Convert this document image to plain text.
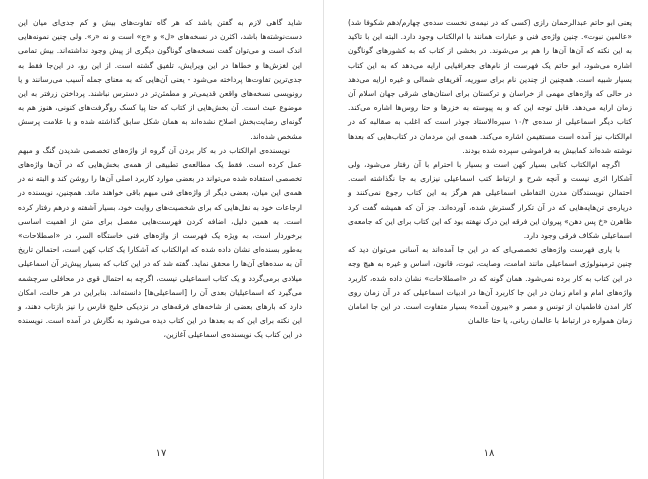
شاید گاهی لازم به گفتن باشد که هر گاه تفاوت‌های بیش و کم جدی‌ای میان این دست‌نوشته‌ها باشد، اکثرن در نسخه‌های «ل» و «ج» است و نه «ر». ولی چنین نمونه‌هایی اندک است و می‌توان گفت نسخه‌های گوناگون دیگری از پیش وجود نداشته‌اند. بیش تمامی این لغزش‌ها و خطاها در این ویرایش، تلفیق گشته است. از این رو، در این‌جا فقط به جدی‌ترین تفاوت‌ها پرداخته می‌شود - یعنی آن‌هایی که به معنای جمله آسیب می‌رسانند و یا رونویسی نسخه‌های واقعن قدیمی‌تر و مطمئن‌تر در دسترس نباشند. پرداختن زرفتر به این موضوع عبث است. آن بخش‌هایی از کتاب که حتا پیا کسک روگرفت‌های کنونی، هنوز هم به گونه‌ای رضایت‌بخش اصلاح نشده‌اند به همان شکل سابق گذاشته شده و با علامت پرسش مشخص شده‌اند.

نویسنده‌ی ام‌الکتاب در به کار بردن آن گروه از واژه‌های تخصصی شدیدن گنگ و مبهم عمل کرده است. فقط یک مطالعه‌ی تطبیقی از همه‌ی بخش‌هایی که در آن‌ها واژه‌های تخصصی استفاده شده می‌تواند در بعضی موارد کاربرد اصلی آن‌ها را روشن کند و البته نه در همه‌ی این میان، بعضی دیگر از واژه‌های فنی مبهم باقی خواهند ماند. همچنین، نویسنده در ارجاعات خود به نقل‌هایی که برای شخصیت‌های روایت خود، بسیار آشفته و درهم رفتار کرده است. به همین دلیل، اضافه کردن فهرست‌هایی مفصل برای متن از اهمیت اساسی برخوردار است، به ویژه یک فهرست از واژه‌های فنی خاستگاه السر، در «اصطلاحات» به‌طور بسنده‌ای نشان داده شده که ام‌الکتاب که آشکارا یک کتاب کهن است، احتمالن تاریخ آن به سده‌های آن‌ها را محقق نماید. گفته شد که در این کتاب که بسیار پیش‌تر آن اسماعیلی میلادی برمی‌گردد و یک کتاب اسماعیلی نیست، اگرچه به احتمال قوی در محافلی سرچشمه می‌گیرد که اسماعیلیان بعدی آن را [اسماعیلی‌ها] دانسته‌اند. بنابراین در هر حالت، امکان دارد که بارهای بعضی از شاخه‌های فرقه‌های در نزدیکی خلیج فارس را نیز بازتاب دهند، و این نکته برای این که به بعدها در این کتاب دیده می‌شود به نگارش در آمده است. نویسنده در این کتاب یک نویسنده‌ی اسماعیلی آغازین،

۱۷

یعنی ابو حاتم عبدالرحمان رازی (کسی که در نیمه‌ی نخست سده‌ی چهارم/دهم شکوفا شد) «عالمین نبوت». چنین واژه‌ی فنی و عبارات همانند با ام‌الکتاب وجود دارد. البته این با تاکید به این نکته که آن‌ها آن‌ها را هم بر می‌شوند. در بخشی از کتاب که به کشورهای گوناگون اشاره می‌شود، ابو حاتم یک فهرست از نام‌های جغرافیایی ارایه می‌دهد که به این کتاب بسیار شبیه است. همچنین از چندین نام برای سوریه، آفریقای شمالی و غیره ارایه می‌دهد در حالی که واژه‌های مهمی از خراسان و ترکستان برای استان‌های شرقی جهان اسلام آن زمان ارایه می‌دهد. قابل توجه این که و به پیوسته به خزرها و حتا روس‌ها اشاره می‌کند. کتاب دیگر اسماعیلی از سده‌ی ۱۰/۴ سیره‌الاستاد جوذر است که اغلب به صقالبه که در ام‌الکتاب نیز آمده است مستقیمن اشاره می‌کند. همه‌ی این مردمان در کتاب‌هایی که بعدها نوشته شده‌اند کمابیش به فراموشی سپرده شده بودند.

اگرچه ام‌الکتاب کتابی بسیار کهن است و بسیار با احترام با آن رفتار می‌شود، ولی آشکارا اثری نیست و آنچه شرح و ارتباط کتب اسماعیلی نیزاری به جا نگذاشته است. احتمالن نویسندگان مدرن التفاطی اسماعیلی هم هرگز به این کتاب رجوع نمی‌کنند و دریاره‌ی تن‌هایه‌هایی که در آن تکرار گسترش شده، آورده‌اند. جز آن که همیشه گفت کرد ظاهرن «خ پس دهن» پیروان این فرقه این درک نهفته بود که این کتاب برای این که جامعه‌ی اسماعیلی شکاف فرقی وجود دارد.

با یاری فهرست واژه‌های تخصصی‌ای که در این جا آمده‌اند به آسانی می‌توان دید که چنین ترمینولوژی اسماعیلی مانند امامت، وصایت، ثبوت، قانون، اساس و غیره به هیچ وجه در این کتاب به کار برده نمی‌شود. همان گونه که در «اصطلاحات» نشان داده شده، کاربرد واژه‌های امام و امام زمان در این جا کاربرد آن‌ها در ادبیات اسماعیلی که در آن زمان روی کار امدن فاطمیان از تونس و مصر و «بیرون آمده» بسیار متفاوت است. در این جا امامان زمان همواره در ارتباط با عالمان ربانی، یا حتا عالمان

۱۸
